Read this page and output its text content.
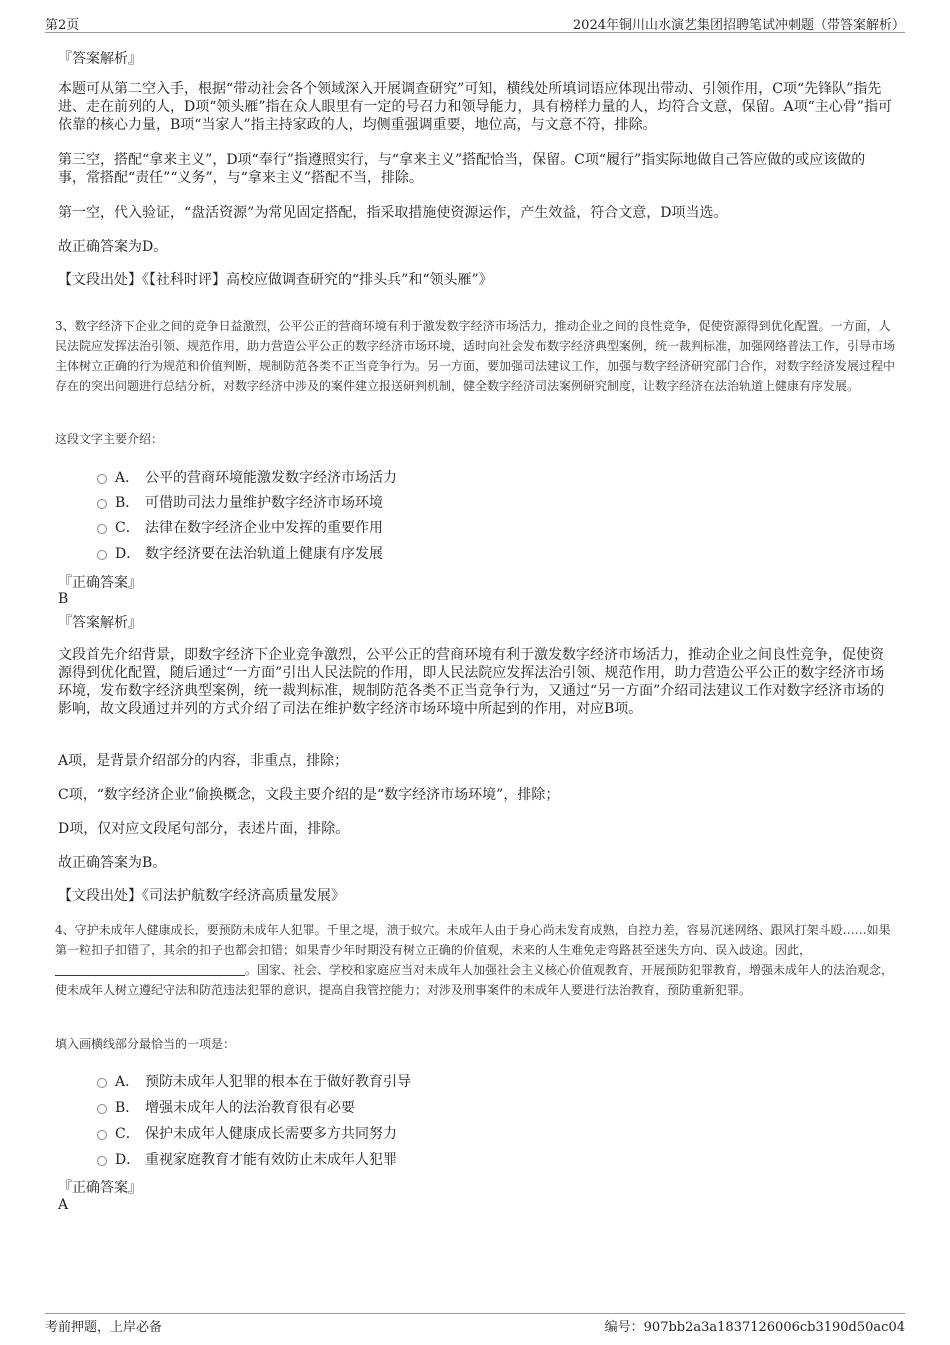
第2页	2024年铜川山水演艺集团招聘笔试冲刺题（带答案解析）
『答案解析』
本题可从第二空入手，根据“带动社会各个领域深入开展调查研究”可知，横线处所填词语应体现出带动、引领作用，C项“先锋队”指先进、走在前列的人，D项“领头雁”指在众人眼里有一定的号召力和领导能力，具有榜样力量的人，均符合文意，保留。A项“主心骨”指可依靠的核心力量，B项“当家人”指主持家政的人，均侧重强调重要，地位高，与文意不符，排除。
第三空，搭配“拿来主义”，D项“奉行”指遵照实行，与“拿来主义”搭配恰当，保留。C项“履行”指实际地做自己答应做的或应该做的事，常搭配“责任”“义务”，与“拿来主义”搭配不当，排除。
第一空，代入验证，“盘活资源”为常见固定搭配，指采取措施使资源运作，产生效益，符合文意，D项当选。
故正确答案为D。
【文段出处】《【社科时评】高校应做调查研究的“排头兵”和“领头雁”》
3、数字经济下企业之间的竞争日益激烈，公平公正的营商环境有利于激发数字经济市场活力，推动企业之间的良性竞争，促使资源得到优化配置。一方面，人民法院应发挥法治引领、规范作用，助力营造公平公正的数字经济市场环境，适时向社会发布数字经济典型案例，统一裁判标准，加强网络普法工作，引导市场主体树立正确的行为规范和价值判断，规制防范各类不正当竞争行为。另一方面，要加强司法建议工作，加强与数字经济研究部门合作，对数字经济发展过程中存在的突出问题进行总结分析，对数字经济中涉及的案件建立报送研判机制，健全数字经济司法案例研究制度，让数字经济在法治轨道上健康有序发展。
这段文字主要介绍：
A． 公平的营商环境能激发数字经济市场活力
B． 可借助司法力量维护数字经济市场环境
C． 法律在数字经济企业中发挥的重要作用
D． 数字经济要在法治轨道上健康有序发展
『正确答案』
B
『答案解析』
文段首先介绍背景，即数字经济下企业竞争激烈，公平公正的营商环境有利于激发数字经济市场活力，推动企业之间良性竞争，促使资源得到优化配置，随后通过“一方面”引出人民法院的作用，即人民法院应发挥法治引领、规范作用，助力营造公平公正的数字经济市场环境，发布数字经济典型案例，统一裁判标准，规制防范各类不正当竞争行为，又通过“另一方面”介绍司法建议工作对数字经济市场的影响，故文段通过并列的方式介绍了司法在维护数字经济市场环境中所起到的作用，对应B项。
A项，是背景介绍部分的内容，非重点，排除；
C项，“数字经济企业”偷换概念，文段主要介绍的是“数字经济市场环境”，排除；
D项，仅对应文段尾句部分，表述片面，排除。
故正确答案为B。
【文段出处】《司法护航数字经济高质量发展》
4、守护未成年人健康成长，要预防未成年人犯罪。千里之堤，溃于蚁穴。未成年人由于身心尚未发育成熟，自控力差，容易沉迷网络、跟风打架斗殴……如果第一粒扣子扣错了，其余的扣子也都会扣错；如果青少年时期没有树立正确的价值观，未来的人生难免走弯路甚至迷失方向、误入歧途。因此，。国家、社会、学校和家庭应当对未成年人加强社会主义核心价值观教育，开展预防犯罪教育，增强未成年人的法治观念，使未成年人树立遵纪守法和防范违法犯罪的意识，提高自我管控能力；对涉及刑事案件的未成年人要进行法治教育，预防重新犯罪。
填入画横线部分最恰当的一项是：
A． 预防未成年人犯罪的根本在于做好教育引导
B． 增强未成年人的法治教育很有必要
C． 保护未成年人健康成长需要多方共同努力
D． 重视家庭教育才能有效防止未成年人犯罪
『正确答案』
A
考前押题，上岸必备	编号：907bb2a3a1837126006cb3190d50ac04
